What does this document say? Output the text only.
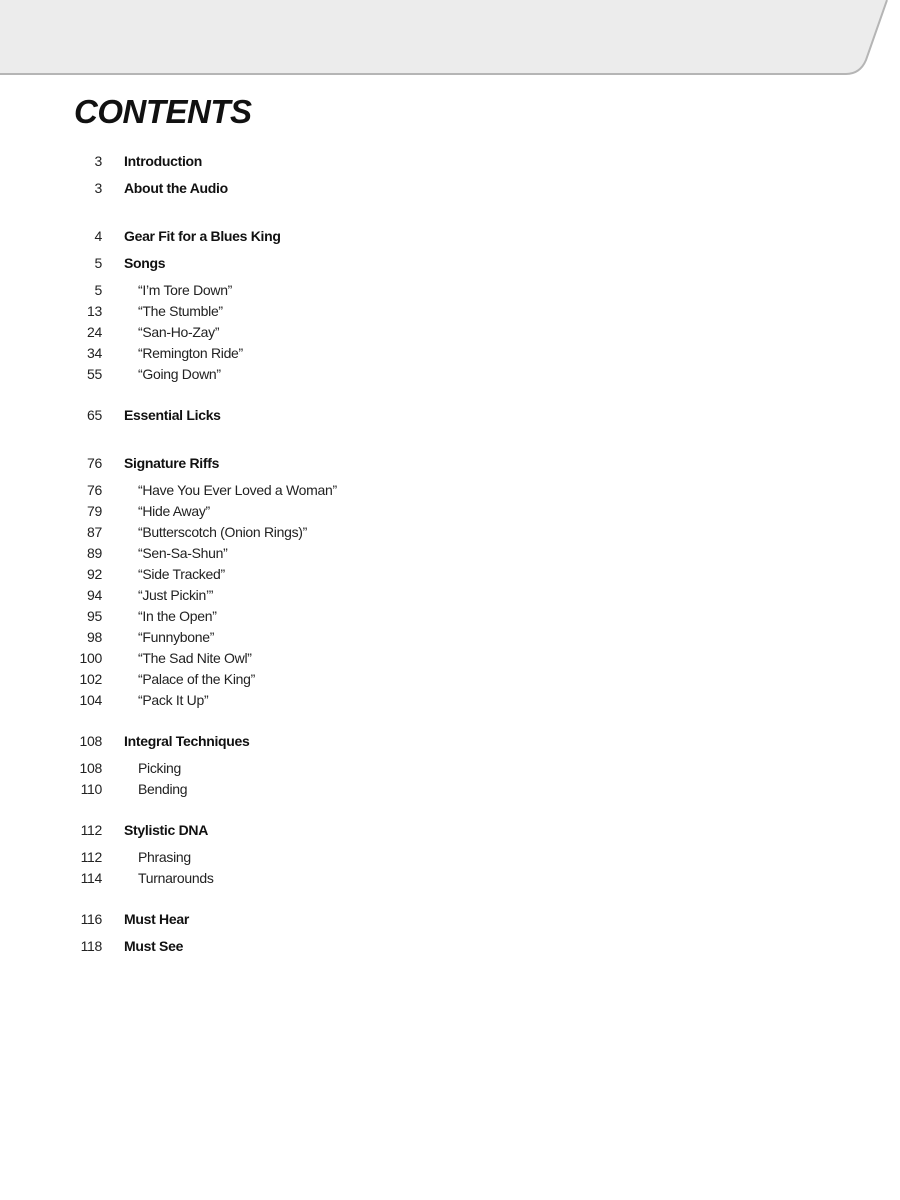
CONTENTS
3 Introduction
3 About the Audio
4 Gear Fit for a Blues King
5 Songs
5	“I’m Tore Down”
13	“The Stumble”
24	“San-Ho-Zay”
34	“Remington Ride”
55	“Going Down”
65 Essential Licks
76 Signature Riffs
76	“Have You Ever Loved a Woman”
79	“Hide Away”
87	“Butterscotch (Onion Rings)”
89	“Sen-Sa-Shun”
92	“Side Tracked”
94	“Just Pickin’”
95	“In the Open”
98	“Funnybone”
100	“The Sad Nite Owl”
102	“Palace of the King”
104	“Pack It Up”
108 Integral Techniques
108	Picking
110	Bending
112 Stylistic DNA
112	Phrasing
114	Turnarounds
116 Must Hear
118 Must See
